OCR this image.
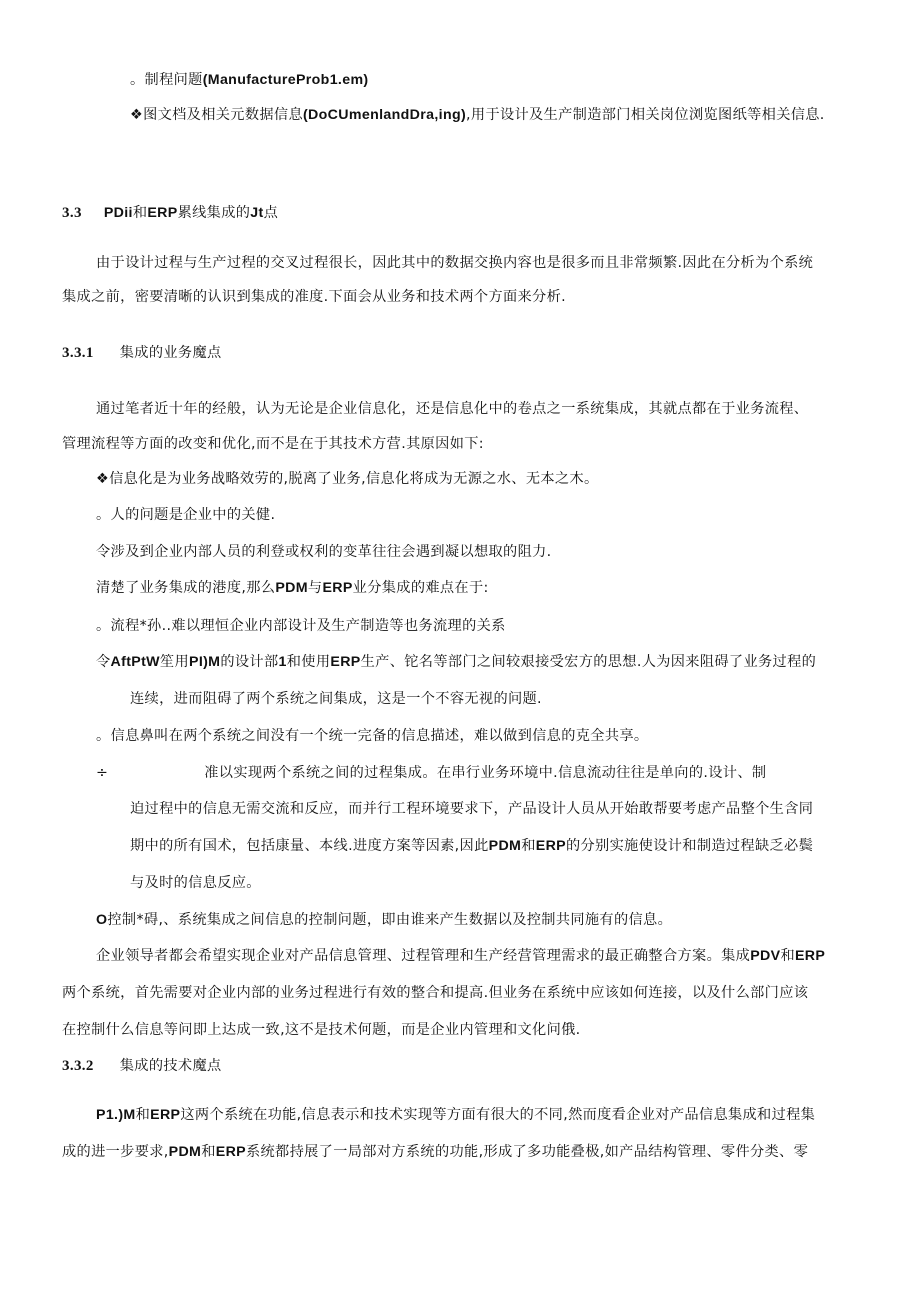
。制程问题(ManufactureProb1.em)
❖图文档及相关元数据信息(DoCUmenlandDra,ing),用于设计及生产制造部门相关岗位浏览图纸等相关信息.
3.3 PDii和ERP累线集成的Jt点
由于设计过程与生产过程的交叉过程很长，因此其中的数据交换内容也是很多而且非常频繁.因此在分析为个系统
集成之前，密要清晰的认识到集成的准度.下面会从业务和技术两个方面来分析.
3.3.1 集成的业务魔点
通过笔者近十年的经般，认为无论是企业信息化，还是信息化中的卷点之一系统集成，其就点都在于业务流程、
管理流程等方面的改变和优化,而不是在于其技术方营.其原因如下:
❖信息化是为业务战略效劳的,脱离了业务,信息化将成为无源之水、无本之木。
。人的问题是企业中的关健.
令涉及到企业内部人员的利登或权利的变革往往会遇到凝以想取的阻力.
清楚了业务集成的港度,那么PDM与ERP业分集成的难点在于:
。流程*孙..难以理恒企业内部设计及生产制造等也务流理的关系
令AftPtW笙用PI)M的设计部1和使用ERP生产、铊名等部门之间较艰接受宏方的思想.人为因来阻碍了业务过程的
连续，进而阻碍了两个系统之间集成，这是一个不容无视的问题.
。信息鼻叫在两个系统之间没有一个统一完备的信息描述，难以做到信息的克全共享。
÷	准以实现两个系统之间的过程集成。在串行业务环境中.信息流动往往是单向的.设计、制
迫过程中的信息无需交流和反应，而并行工程环境要求下，产品设计人员从开始敢帮要考虑产品整个生含同
期中的所有国术，包括康量、本线.进度方案等因素,因此PDM和ERP的分别实施使设计和制造过程缺乏必鬓
与及时的信息反应。
O控制*碍,、系统集成之间信息的控制问题，即由谁来产生数据以及控制共同施有的信息。
企业领导者都会希望实现企业对产品信息管理、过程管理和生产经营管理需求的最正确整合方案。集成PDV和ERP
两个系统，首先需要对企业内部的业务过程进行有效的整合和提高.但业务在系统中应该如何连接，以及什么部门应该
在控制什么信息等问即上达成一致,这不是技术何题，而是企业内管理和文化问俄.
3.3.2 集成的技术魔点
P1.)M和ERP这两个系统在功能,信息表示和技术实现等方面有很大的不同,然而度看企业对产品信息集成和过程集
成的进一步要求,PDM和ERP系统都持展了一局部对方系统的功能,形成了多功能叠极,如产品结构管理、零件分类、零
